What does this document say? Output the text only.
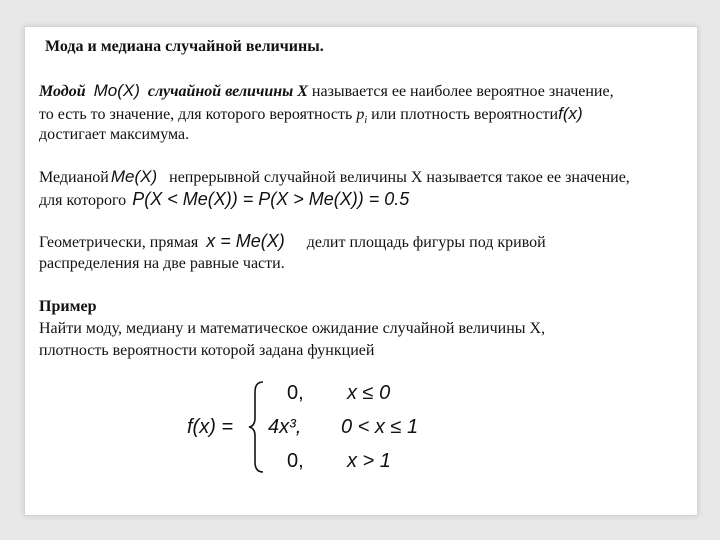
Мода и медиана случайной величины.
Модой Mo(X) случайной величины X называется ее наиболее вероятное значение,
то есть то значение, для которого вероятность $p_i$ или плотность вероятностиf(x)
достигает максимума.
Медианой Me(X) непрерывной случайной величины Х называется такое ее значение,
для которого P(X < Me(X)) = P(X > Me(X)) = 0.5
Геометрически, прямая x = Me(X) делит площадь фигуры под кривой
распределения на две равные части.
Пример
Найти моду, медиану и математическое ожидание случайной величины Х,
плотность вероятности которой задана функцией
f(x) =
0, x ≤ 0
4x³, 0 < x ≤ 1
0, x > 1
